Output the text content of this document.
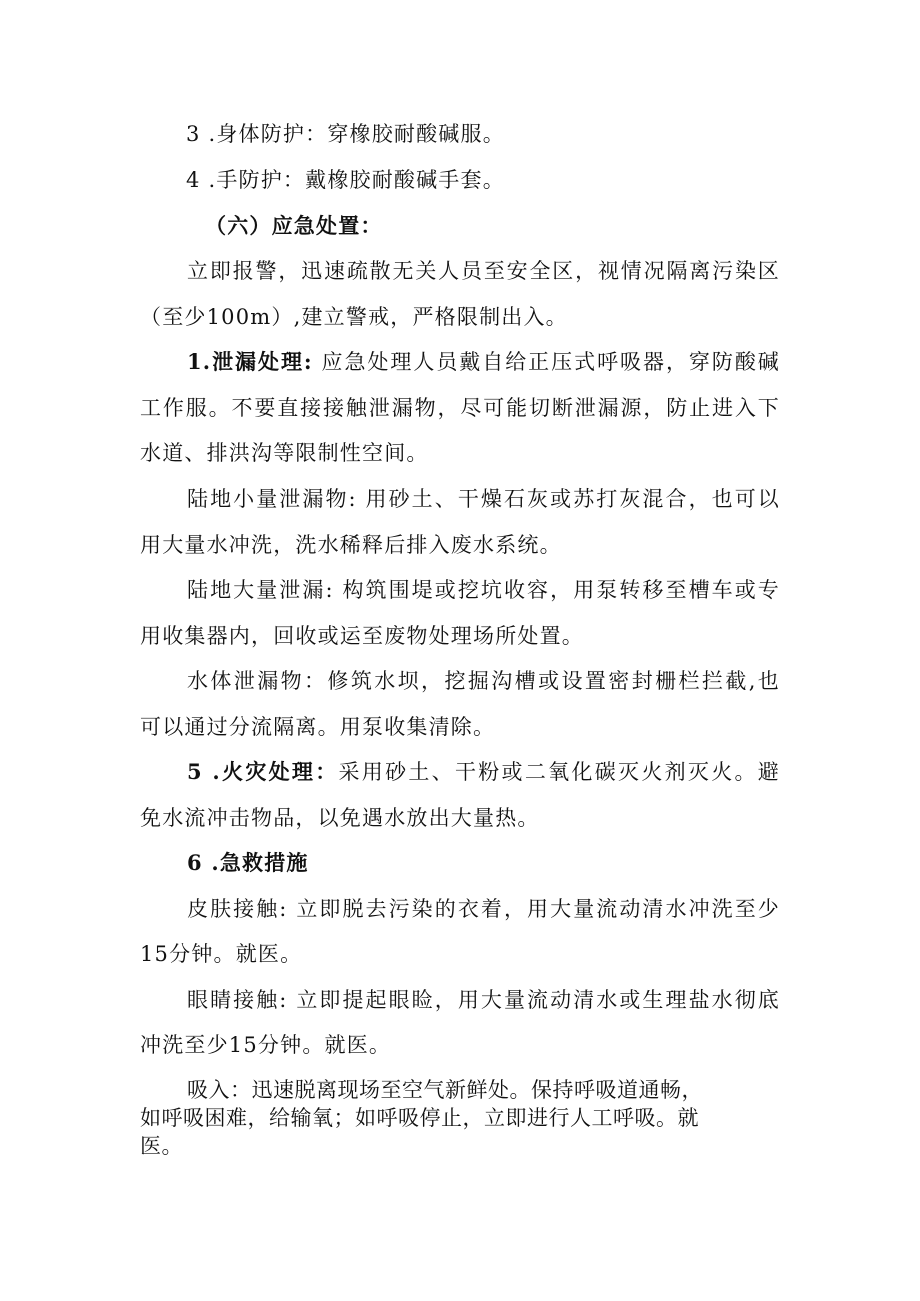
3 .身体防护：穿橡胶耐酸碱服。
4 .手防护：戴橡胶耐酸碱手套。
（六）应急处置：
立即报警，迅速疏散无关人员至安全区，视情况隔离污染区
（至少100m）,建立警戒，严格限制出入。
1.泄漏处理: 应急处理人员戴自给正压式呼吸器，穿防酸碱
工作服。不要直接接触泄漏物，尽可能切断泄漏源，防止进入下
水道、排洪沟等限制性空间。
陆地小量泄漏物: 用砂土、干燥石灰或苏打灰混合，也可以
用大量水冲洗，洗水稀释后排入废水系统。
陆地大量泄漏: 构筑围堤或挖坑收容，用泵转移至槽车或专
用收集器内，回收或运至废物处理场所处置。
水体泄漏物：修筑水坝，挖掘沟槽或设置密封栅栏拦截,也
可以通过分流隔离。用泵收集清除。
5 .火灾处理：采用砂土、干粉或二氧化碳灭火剂灭火。避
免水流冲击物品，以免遇水放出大量热。
6 .急救措施
皮肤接触: 立即脱去污染的衣着，用大量流动清水冲洗至少
15分钟。就医。
眼睛接触: 立即提起眼睑，用大量流动清水或生理盐水彻底
冲洗至少15分钟。就医。
吸入：迅速脱离现场至空气新鲜处。保持呼吸道通畅，
如呼吸困难，给输氧；如呼吸停止，立即进行人工呼吸。就
医。
